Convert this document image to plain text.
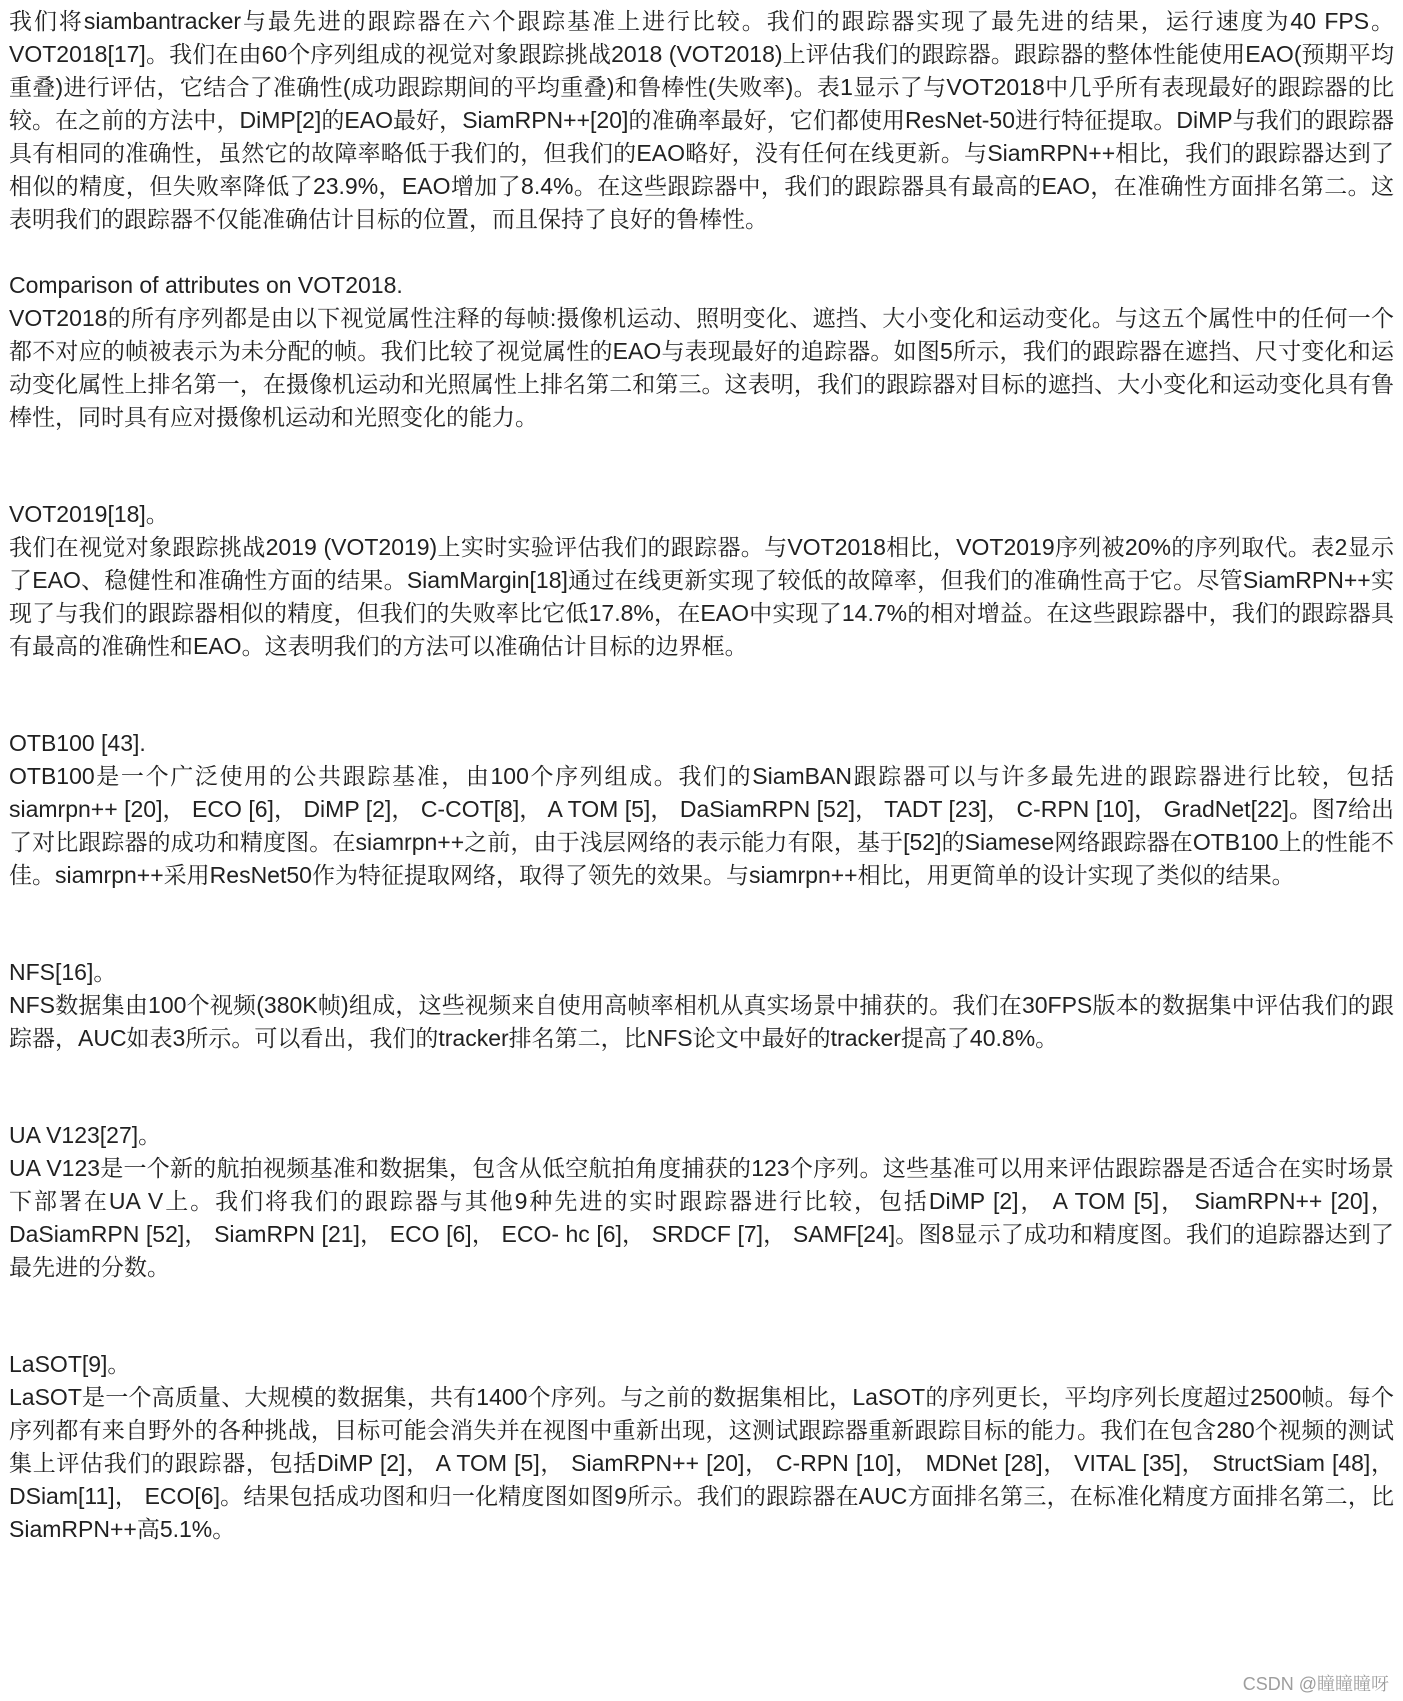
我们将siambantracker与最先进的跟踪器在六个跟踪基准上进行比较。我们的跟踪器实现了最先进的结果，运行速度为40 FPS。VOT2018[17]。我们在由60个序列组成的视觉对象跟踪挑战2018 (VOT2018)上评估我们的跟踪器。跟踪器的整体性能使用EAO(预期平均重叠)进行评估，它结合了准确性(成功跟踪期间的平均重叠)和鲁棒性(失败率)。表1显示了与VOT2018中几乎所有表现最好的跟踪器的比较。在之前的方法中，DiMP[2]的EAO最好，SiamRPN++[20]的准确率最好，它们都使用ResNet-50进行特征提取。DiMP与我们的跟踪器具有相同的准确性，虽然它的故障率略低于我们的，但我们的EAO略好，没有任何在线更新。与SiamRPN++相比，我们的跟踪器达到了相似的精度，但失败率降低了23.9%，EAO增加了8.4%。在这些跟踪器中，我们的跟踪器具有最高的EAO，在准确性方面排名第二。这表明我们的跟踪器不仅能准确估计目标的位置，而且保持了良好的鲁棒性。
Comparison of attributes on VOT2018.
VOT2018的所有序列都是由以下视觉属性注释的每帧:摄像机运动、照明变化、遮挡、大小变化和运动变化。与这五个属性中的任何一个都不对应的帧被表示为未分配的帧。我们比较了视觉属性的EAO与表现最好的追踪器。如图5所示，我们的跟踪器在遮挡、尺寸变化和运动变化属性上排名第一，在摄像机运动和光照属性上排名第二和第三。这表明，我们的跟踪器对目标的遮挡、大小变化和运动变化具有鲁棒性，同时具有应对摄像机运动和光照变化的能力。
VOT2019[18]。
我们在视觉对象跟踪挑战2019 (VOT2019)上实时实验评估我们的跟踪器。与VOT2018相比，VOT2019序列被20%的序列取代。表2显示了EAO、稳健性和准确性方面的结果。SiamMargin[18]通过在线更新实现了较低的故障率，但我们的准确性高于它。尽管SiamRPN++实现了与我们的跟踪器相似的精度，但我们的失败率比它低17.8%，在EAO中实现了14.7%的相对增益。在这些跟踪器中，我们的跟踪器具有最高的准确性和EAO。这表明我们的方法可以准确估计目标的边界框。
OTB100 [43].
OTB100是一个广泛使用的公共跟踪基准，由100个序列组成。我们的SiamBAN跟踪器可以与许多最先进的跟踪器进行比较，包括siamrpn++ [20]， ECO [6]， DiMP [2]， C-COT[8]， A TOM [5]， DaSiamRPN [52]， TADT [23]， C-RPN [10]， GradNet[22]。图7给出了对比跟踪器的成功和精度图。在siamrpn++之前，由于浅层网络的表示能力有限，基于[52]的Siamese网络跟踪器在OTB100上的性能不佳。siamrpn++采用ResNet50作为特征提取网络，取得了领先的效果。与siamrpn++相比，用更简单的设计实现了类似的结果。
NFS[16]。
NFS数据集由100个视频(380K帧)组成，这些视频来自使用高帧率相机从真实场景中捕获的。我们在30FPS版本的数据集中评估我们的跟踪器，AUC如表3所示。可以看出，我们的tracker排名第二，比NFS论文中最好的tracker提高了40.8%。
UA V123[27]。
UA V123是一个新的航拍视频基准和数据集，包含从低空航拍角度捕获的123个序列。这些基准可以用来评估跟踪器是否适合在实时场景下部署在UA V上。我们将我们的跟踪器与其他9种先进的实时跟踪器进行比较，包括DiMP [2]， A TOM [5]， SiamRPN++ [20]， DaSiamRPN [52]， SiamRPN [21]， ECO [6]， ECO- hc [6]， SRDCF [7]， SAMF[24]。图8显示了成功和精度图。我们的追踪器达到了最先进的分数。
LaSOT[9]。
LaSOT是一个高质量、大规模的数据集，共有1400个序列。与之前的数据集相比，LaSOT的序列更长，平均序列长度超过2500帧。每个序列都有来自野外的各种挑战，目标可能会消失并在视图中重新出现，这测试跟踪器重新跟踪目标的能力。我们在包含280个视频的测试集上评估我们的跟踪器，包括DiMP [2]， A TOM [5]， SiamRPN++ [20]， C-RPN [10]， MDNet [28]， VITAL [35]， StructSiam [48]， DSiam[11]， ECO[6]。结果包括成功图和归一化精度图如图9所示。我们的跟踪器在AUC方面排名第三，在标准化精度方面排名第二，比SiamRPN++高5.1%。
CSDN @瞳瞳瞳呀
